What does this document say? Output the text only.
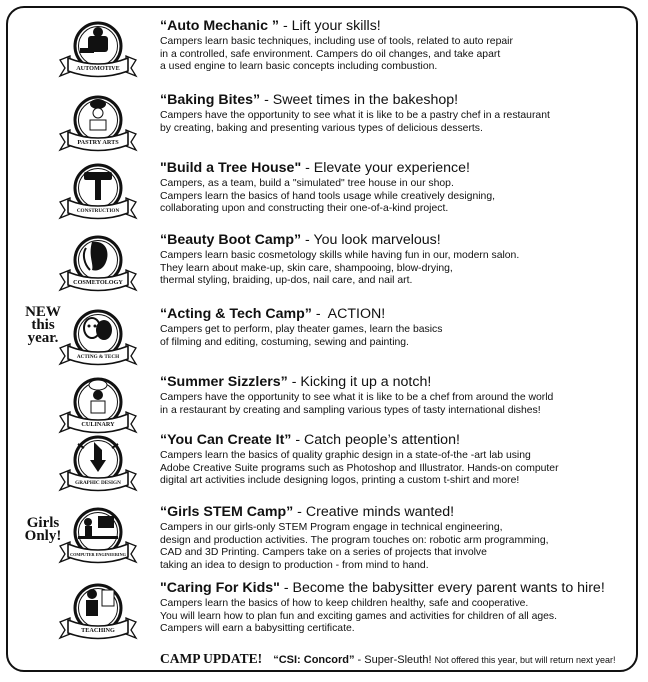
AUTOMOTIVE
“Auto Mechanic ” - Lift your skills!
Campers learn basic techniques, including use of tools, related to auto repair
in a controlled, safe environment. Campers do oil changes, and take apart
a used engine to learn basic concepts including combustion.
PASTRY ARTS
“Baking Bites” - Sweet times in the bakeshop!
Campers have the opportunity to see what it is like to be a pastry chef in a restaurant
by creating, baking and presenting various types of delicious desserts.
CONSTRUCTION
"Build a Tree House" - Elevate your experience!
Campers, as a team, build a "simulated" tree house in our shop.
Campers learn the basics of hand tools usage while creatively designing,
collaborating upon and constructing their one-of-a-kind project.
COSMETOLOGY
“Beauty Boot Camp” - You look marvelous!
Campers learn basic cosmetology skills while having fun in our, modern salon.
They learn about make-up, skin care, shampooing, blow-drying,
thermal styling, braiding, up-dos, nail care, and nail art.
ACTING & TECH
NEW
this
year.
“Acting & Tech Camp” -  ACTION!
Campers get to perform, play theater games, learn the basics
of filming and editing, costuming, sewing and painting.
CULINARY
“Summer Sizzlers” - Kicking it up a notch!
Campers have the opportunity to see what it is like to be a chef from around the world
in a restaurant by creating and sampling various types of tasty international dishes!
GRAPHIC DESIGN
“You Can Create It” - Catch people’s attention!
Campers learn the basics of quality graphic design in a state-of-the -art lab using
Adobe Creative Suite programs such as Photoshop and Illustrator. Hands-on computer
digital art activities include designing logos, printing a custom t-shirt and more!
COMPUTER ENGINEERING
Girls
Only!
“Girls STEM Camp” - Creative minds wanted!
Campers in our girls-only STEM Program engage in technical engineering,
design and production activities. The program touches on: robotic arm programming,
CAD and 3D Printing. Campers take on a series of projects that involve
taking an idea to design to production - from mind to hand.
TEACHING
"Caring For Kids" - Become the babysitter every parent wants to hire!
Campers learn the basics of how to keep children healthy, safe and cooperative.
You will learn how to plan fun and exciting games and activities for children of all ages.
Campers will earn a babysitting certificate.
CAMP UPDATE! “CSI: Concord” - Super-Sleuth! Not offered this year, but will return next year!
